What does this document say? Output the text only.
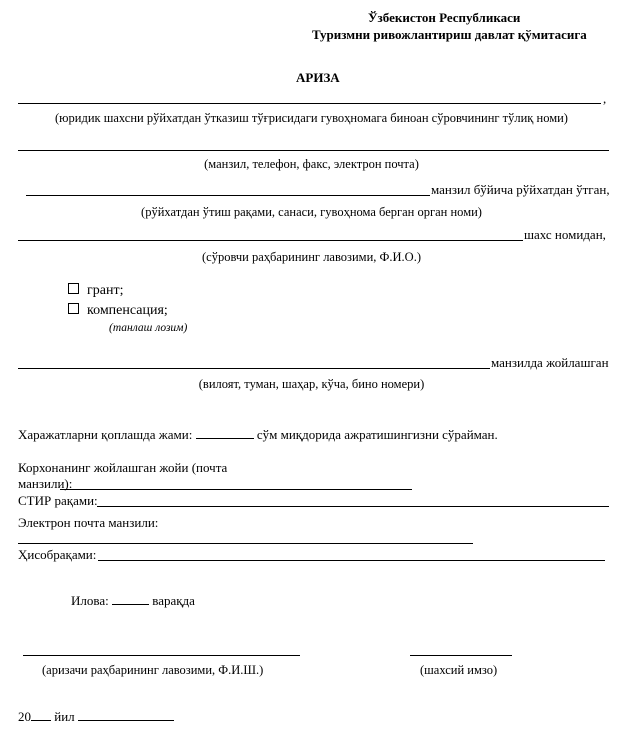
Ўзбекистон Республикаси
Туризмни ривожлантириш давлат қўмитасига
АРИЗА
,
(юридик шахсни рўйхатдан ўтказиш тўғрисидаги гувоҳномага биноан сўровчининг тўлиқ номи)
(манзил, телефон, факс, электрон почта)
манзил бўйича рўйхатдан ўтган,
(рўйхатдан ўтиш рақами, санаси, гувоҳнома берган орган номи)
шахс номидан,
(сўровчи раҳбарининг лавозими, Ф.И.О.)
грант;
компенсация;
(танлаш лозим)
манзилда жойлашган
(вилоят, туман, шаҳар, кўча, бино номери)
Харажатларни қоплашда жами:	сўм миқдорида ажратишингизни сўрайман.
Корхонанинг жойлашган жойи (почта
манзили):
СТИР рақами:
Электрон почта манзили:
Ҳисобрақами:
Илова:	варақда
(аризачи раҳбарининг лавозими, Ф.И.Ш.)	(шахсий имзо)
20 йил
